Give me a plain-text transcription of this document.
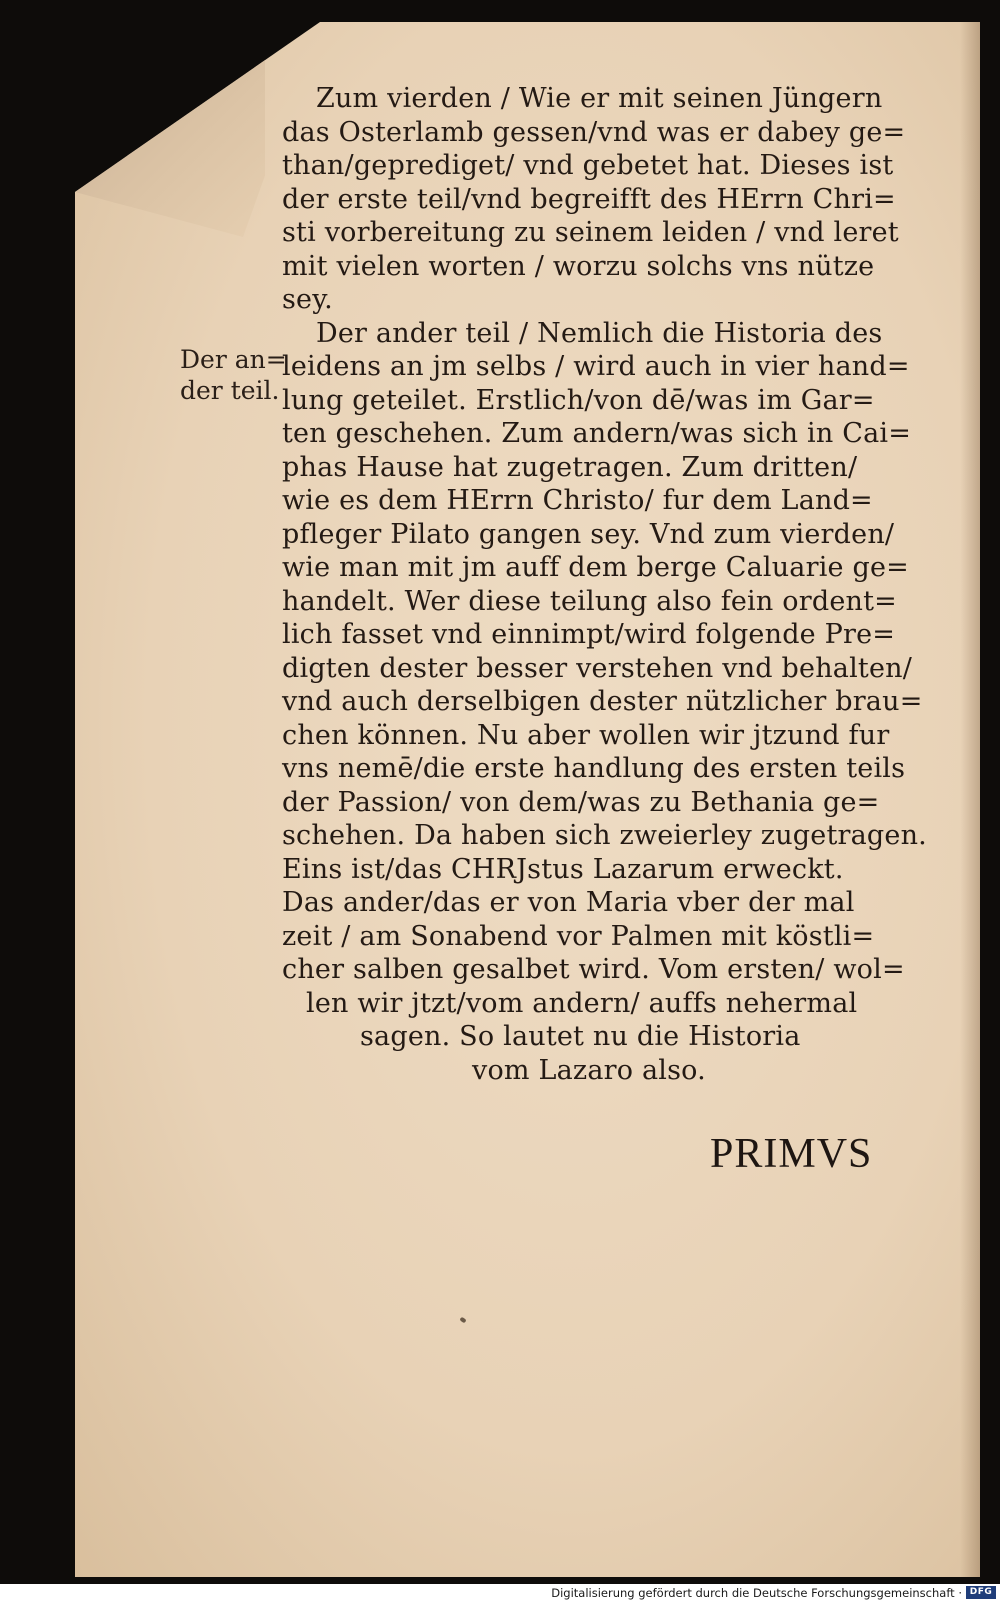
Der an=
der teil.
Zum vierden / Wie er mit seinen Jüngern
das Osterlamb gessen/vnd was er dabey ge=
than/geprediget/ vnd gebetet hat. Dieses ist
der erste teil/vnd begreifft des HErrn Chri=
sti vorbereitung zu seinem leiden / vnd leret
mit vielen worten / worzu solchs vns nütze
sey.
Der ander teil / Nemlich die Historia des
leidens an jm selbs / wird auch in vier hand=
lung geteilet. Erstlich/von dē/was im Gar=
ten geschehen. Zum andern/was sich in Cai=
phas Hause hat zugetragen. Zum dritten/
wie es dem HErrn Christo/ fur dem Land=
pfleger Pilato gangen sey. Vnd zum vierden/
wie man mit jm auff dem berge Caluarie ge=
handelt. Wer diese teilung also fein ordent=
lich fasset vnd einnimpt/wird folgende Pre=
digten dester besser verstehen vnd behalten/
vnd auch derselbigen dester nützlicher brau=
chen können. Nu aber wollen wir jtzund fur
vns nemē/die erste handlung des ersten teils
der Passion/ von dem/was zu Bethania ge=
schehen. Da haben sich zweierley zugetragen.
Eins ist/das CHRJstus Lazarum erweckt.
Das ander/das er von Maria vber der mal
zeit / am Sonabend vor Palmen mit köstli=
cher salben gesalbet wird. Vom ersten/ wol=
len wir jtzt/vom andern/ auffs nehermal
sagen. So lautet nu die Historia
vom Lazaro also.
PRIMVS
Digitalisierung gefördert durch die Deutsche Forschungsgemeinschaft · DFG
